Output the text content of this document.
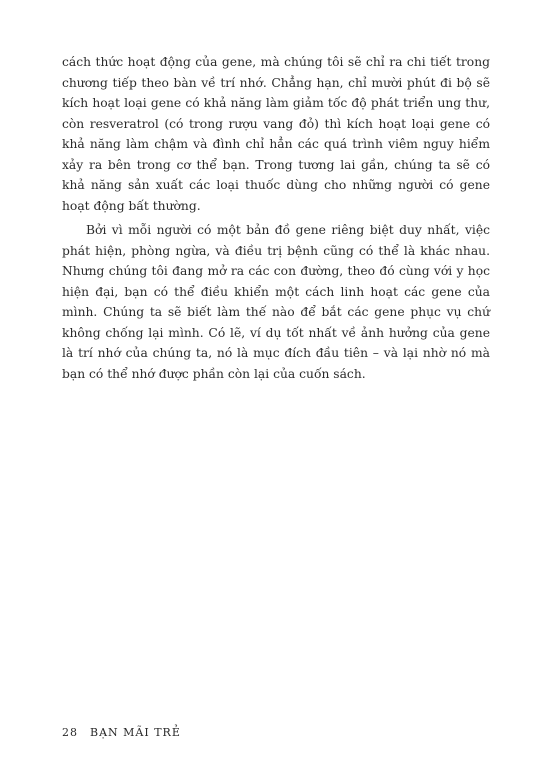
cách thức hoạt động của gene, mà chúng tôi sẽ chỉ ra chi tiết trong chương tiếp theo bàn về trí nhớ. Chẳng hạn, chỉ mười phút đi bộ sẽ kích hoạt loại gene có khả năng làm giảm tốc độ phát triển ung thư, còn resveratrol (có trong rượu vang đỏ) thì kích hoạt loại gene có khả năng làm chậm và đình chỉ hẳn các quá trình viêm nguy hiểm xảy ra bên trong cơ thể bạn. Trong tương lai gần, chúng ta sẽ có khả năng sản xuất các loại thuốc dùng cho những người có gene hoạt động bất thường.

Bởi vì mỗi người có một bản đồ gene riêng biệt duy nhất, việc phát hiện, phòng ngừa, và điều trị bệnh cũng có thể là khác nhau. Nhưng chúng tôi đang mở ra các con đường, theo đó cùng với y học hiện đại, bạn có thể điều khiển một cách linh hoạt các gene của mình. Chúng ta sẽ biết làm thế nào để bắt các gene phục vụ chứ không chống lại mình. Có lẽ, ví dụ tốt nhất về ảnh hưởng của gene là trí nhớ của chúng ta, nó là mục đích đầu tiên – và lại nhờ nó mà bạn có thể nhớ được phần còn lại của cuốn sách.

28 BẠN MÃI TRẺ
